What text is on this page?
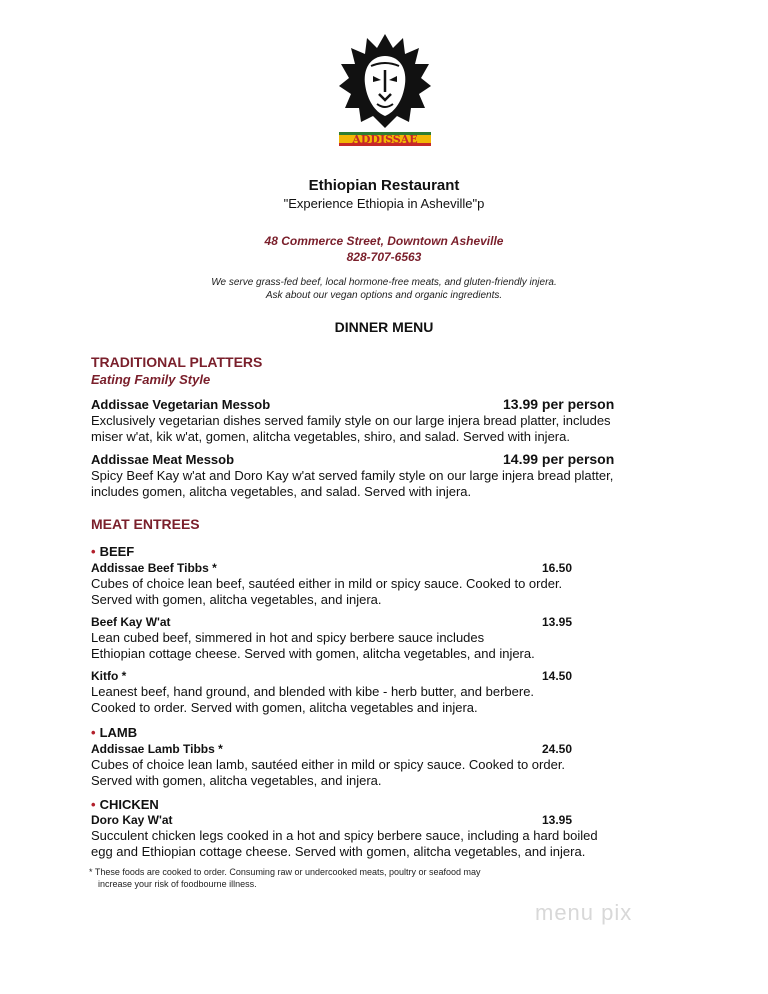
ADDISSAE
Ethiopian Restaurant
"Experience Ethiopia in Asheville"p
48 Commerce Street, Downtown Asheville
828-707-6563
We serve grass-fed beef, local hormone-free meats, and gluten-friendly injera.
Ask about our vegan options and organic ingredients.
DINNER MENU
TRADITIONAL PLATTERS
Eating Family Style
Addissae Vegetarian Messob	13.99 per person
Exclusively vegetarian dishes served family style on our large injera bread platter, includes
miser w'at, kik w'at, gomen, alitcha vegetables, shiro, and salad. Served with injera.
Addissae Meat Messob	14.99 per person
Spicy Beef Kay w'at and Doro Kay w'at served family style on our large injera bread platter,
includes gomen, alitcha vegetables, and salad. Served with injera.
MEAT ENTREES
• BEEF
Addissae Beef Tibbs *	16.50
Cubes of choice lean beef, sautéed either in mild or spicy sauce. Cooked to order.
Served with gomen, alitcha vegetables, and injera.
Beef Kay W'at	13.95
Lean cubed beef, simmered in hot and spicy berbere sauce includes
Ethiopian cottage cheese. Served with gomen, alitcha vegetables, and injera.
Kitfo *	14.50
Leanest beef, hand ground, and blended with kibe - herb butter, and berbere.
Cooked to order. Served with gomen, alitcha vegetables and injera.
• LAMB
Addissae Lamb Tibbs *	24.50
Cubes of choice lean lamb, sautéed either in mild or spicy sauce. Cooked to order.
Served with gomen, alitcha vegetables, and injera.
• CHICKEN
Doro Kay W'at	13.95
Succulent chicken legs cooked in a hot and spicy berbere sauce, including a hard boiled
egg and Ethiopian cottage cheese. Served with gomen, alitcha vegetables, and injera.
* These foods are cooked to order. Consuming raw or undercooked meats, poultry or seafood may
increase your risk of foodbourne illness.
menu pix
